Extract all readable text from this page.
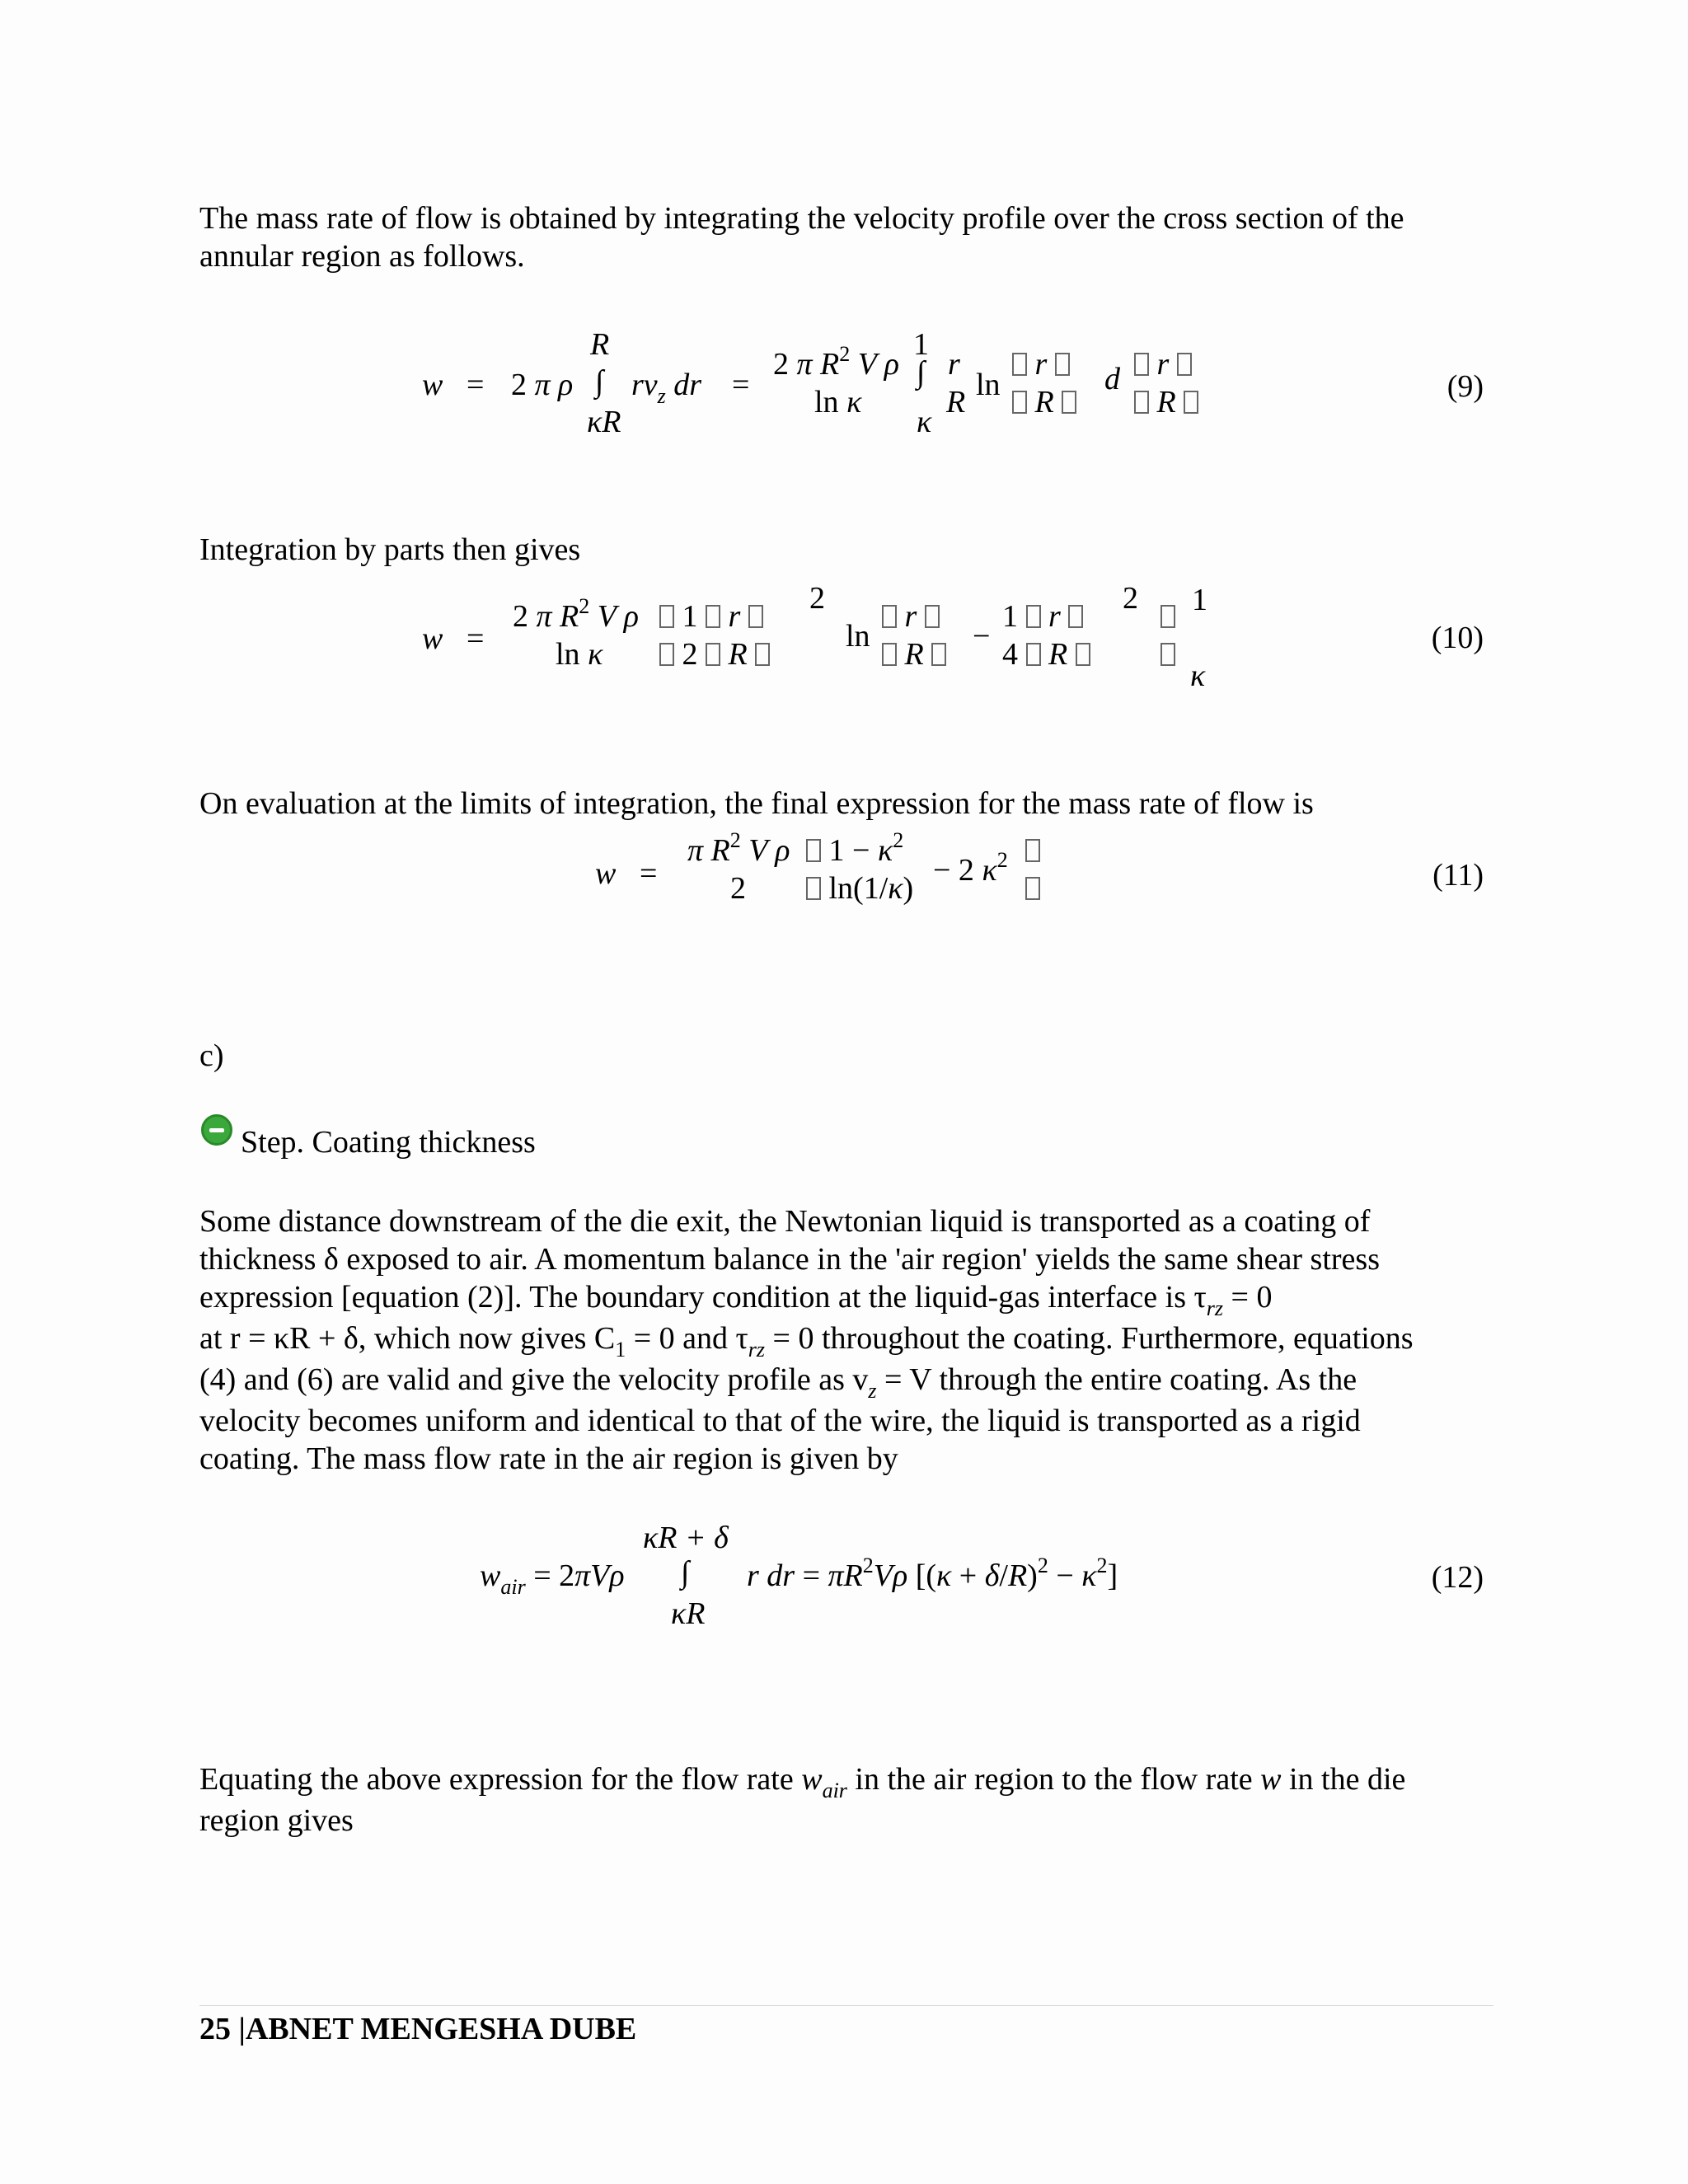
The mass rate of flow is obtained by integrating the velocity profile over the cross section of the annular region as follows.
w = 2 π ρ
R
∫
κR
$rv_z$ dr =
2 π $R^2$ V ρ
ln κ
1
∫
κ
r
R ln
r
R
d	r
R	(9)
Integration by parts then gives
w =
2 π $R^2$ V ρ
ln κ
1  r
2  R
2
ln
r
R
−
1  r
4  R
2 1
κ
(10)
On evaluation at the limits of integration, the final expression for the mass rate of flow is
w =
π $R^2$ V ρ
2
$1 - \kappa^2$
ln(1/κ)
− 2 $\kappa^2$	(11)
c)
Step. Coating thickness
Some distance downstream of the die exit, the Newtonian liquid is transported as a coating of
thickness δ exposed to air. A momentum balance in the 'air region' yields the same shear stress
expression [equation (2)]. The boundary condition at the liquid-gas interface is $\tau_{rz} = 0$
at r = κR + δ, which now gives $C_1 = 0$ and $\tau_{rz} = 0$ throughout the coating. Furthermore, equations
(4) and (6) are valid and give the velocity profile as $v_z = V$ through the entire coating. As the
velocity becomes uniform and identical to that of the wire, the liquid is transported as a rigid
coating. The mass flow rate in the air region is given by
κR + δ
$w_{air} = 2\pi V\rho$ ∫
κR
r dr = $\pi R^2V\rho$ $[(\kappa + \delta/R)^2 - \kappa^2]$	(12)
Equating the above expression for the flow rate $w_{air}$ in the air region to the flow rate w in the die
region gives
25 |ABNET MENGESHA DUBE
